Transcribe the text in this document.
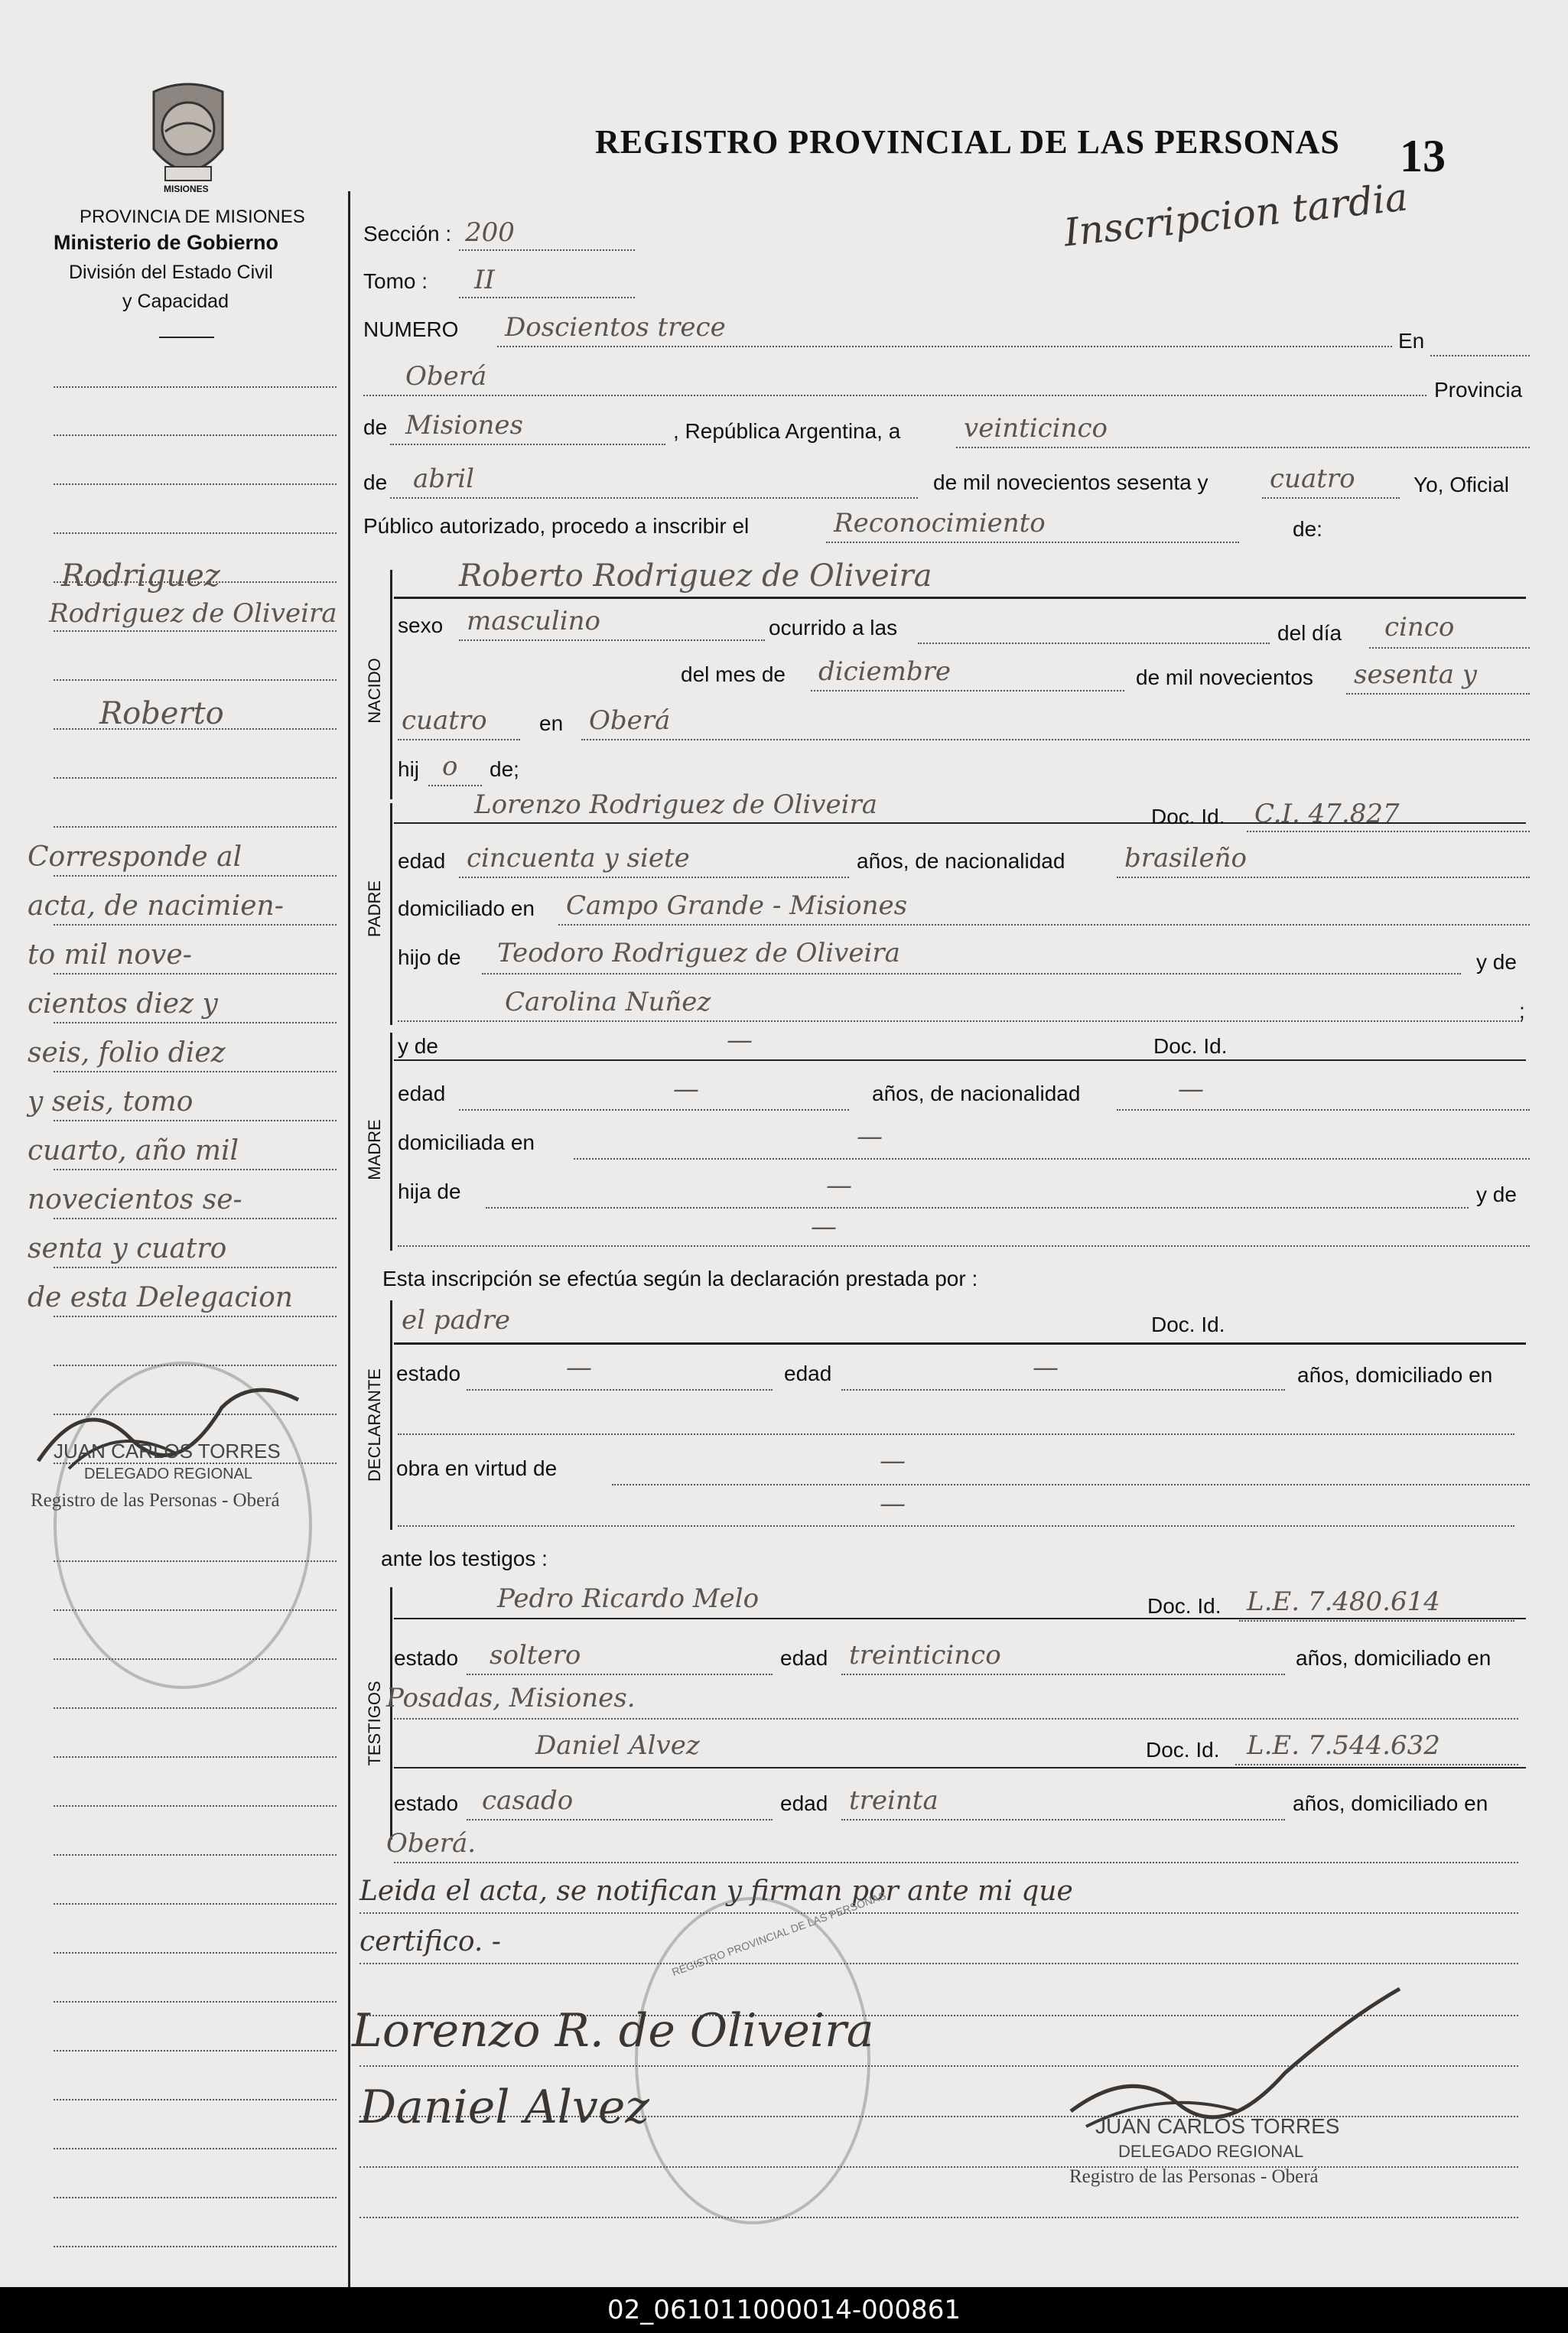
MISIONES
PROVINCIA DE MISIONES
Ministerio de Gobierno
División del Estado Civil
y Capacidad
REGISTRO PROVINCIAL DE LAS PERSONAS 13
Inscripcion tardia
Rodriguez
Rodriguez de Oliveira
Roberto
Corresponde al
acta, de nacimien-
to mil nove-
cientos diez y
seis, folio diez
y seis, tomo
cuarto, año mil
novecientos se-
senta y cuatro
de esta Delegacion
JUAN CARLOS TORRES
DELEGADO REGIONAL
Registro de las Personas - Oberá
Sección : 200
Tomo : II
NUMERO Doscientos trece	En
Oberá	Provincia
de Misiones	, República Argentina, a veinticinco
de abril	de mil novecientos sesenta y cuatro	Yo, Oficial
Público autorizado, procedo a inscribir el	Reconocimiento	de:
NACIDO
Roberto Rodriguez de Oliveira
sexo masculino	ocurrido a las	del día cinco
del mes de diciembre	de mil novecientos sesenta y
cuatro en Oberá
hij o de;
PADRE
Lorenzo Rodriguez de Oliveira	Doc. Id. C.I. 47.827
edad cincuenta y siete	años, de nacionalidad brasileño
domiciliado en Campo Grande - Misiones
hijo de Teodoro Rodriguez de Oliveira	y de
Carolina Nuñez	;
MADRE
y de	—	Doc. Id.
edad	—	años, de nacionalidad	—
domiciliada en	—
hija de	—	y de
—
Esta inscripción se efectúa según la declaración prestada por :
DECLARANTE
el padre	Doc. Id.
estado	—	edad	—	años, domiciliado en
obra en virtud de	—
—
ante los testigos :
TESTIGOS
Pedro Ricardo Melo	Doc. Id. L.E. 7.480.614
estado soltero	edad treinticinco	años, domiciliado en
Posadas, Misiones.
Daniel Alvez	Doc. Id. L.E. 7.544.632
estado casado	edad treinta	años, domiciliado en
Oberá.
Leida el acta, se notifican y firman por ante mi que
certifico. -	REGISTRO PROVINCIAL DE LAS PERSONAS
Lorenzo R. de Oliveira
Daniel Alvez	JUAN CARLOS TORRES
DELEGADO REGIONAL
Registro de las Personas - Oberá
02_061011000014-000861
